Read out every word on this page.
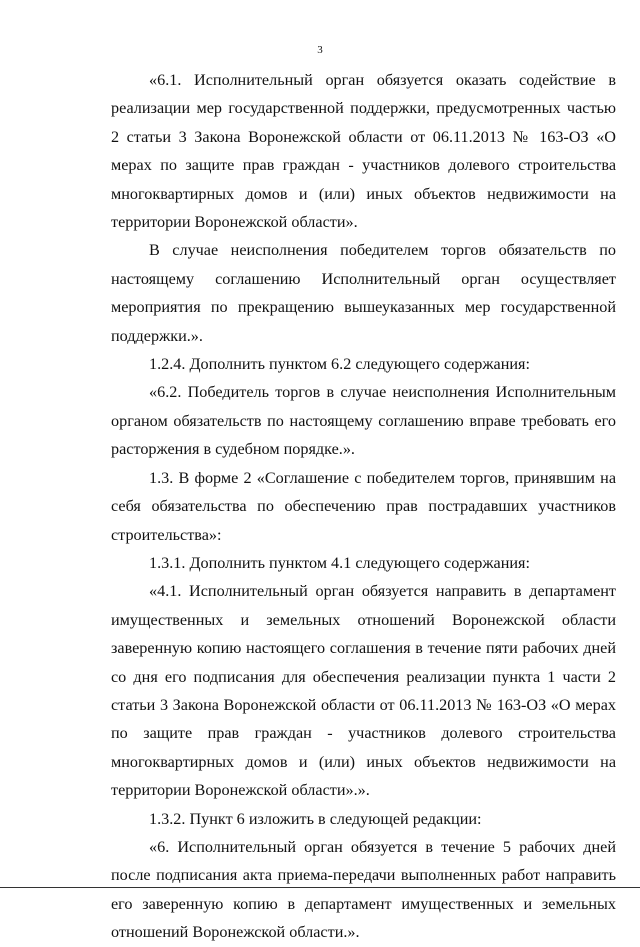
3

«6.1. Исполнительный орган обязуется оказать содействие в реализации мер государственной поддержки, предусмотренных частью 2 статьи 3 Закона Воронежской области от 06.11.2013 № 163-ОЗ «О мерах по защите прав граждан - участников долевого строительства многоквартирных домов и (или) иных объектов недвижимости на территории Воронежской области».

В случае неисполнения победителем торгов обязательств по настоящему соглашению Исполнительный орган осуществляет мероприятия по прекращению вышеуказанных мер государственной поддержки.».

1.2.4. Дополнить пунктом 6.2 следующего содержания:

«6.2. Победитель торгов в случае неисполнения Исполнительным органом обязательств по настоящему соглашению вправе требовать его расторжения в судебном порядке.».

1.3. В форме 2 «Соглашение с победителем торгов, принявшим на себя обязательства по обеспечению прав пострадавших участников строительства»:

1.3.1. Дополнить пунктом 4.1 следующего содержания:

«4.1. Исполнительный орган обязуется направить в департамент имущественных и земельных отношений Воронежской области заверенную копию настоящего соглашения в течение пяти рабочих дней со дня его подписания для обеспечения реализации пункта 1 части 2 статьи 3 Закона Воронежской области от 06.11.2013 № 163-ОЗ «О мерах по защите прав граждан - участников долевого строительства многоквартирных домов и (или) иных объектов недвижимости на территории Воронежской области».».

1.3.2. Пункт 6 изложить в следующей редакции:

«6. Исполнительный орган обязуется в течение 5 рабочих дней после подписания акта приема-передачи выполненных работ направить его заверенную копию в департамент имущественных и земельных отношений Воронежской области.».
